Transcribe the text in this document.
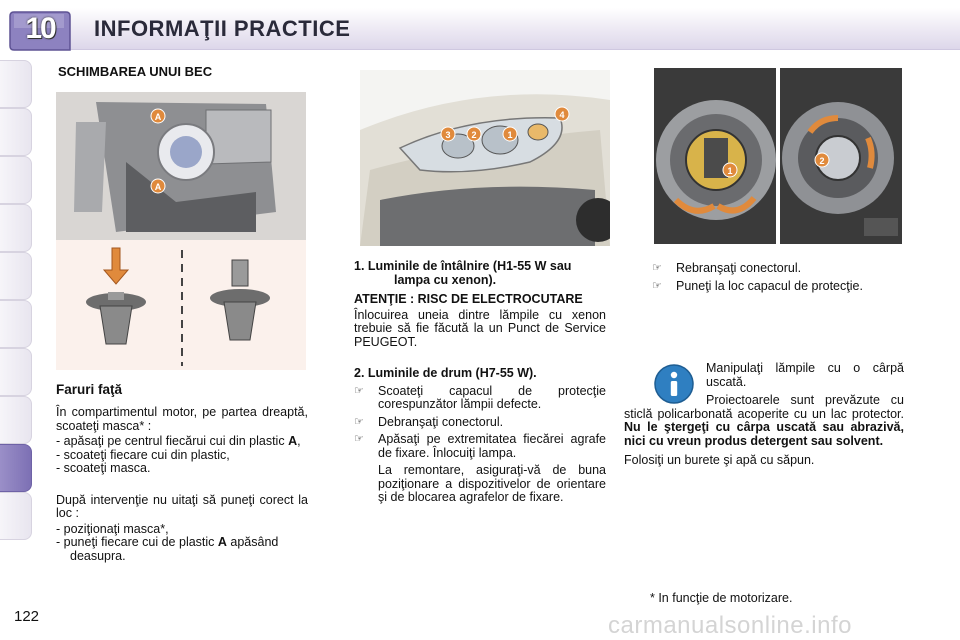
10	INFORMAŢII PRACTICE
SCHIMBAREA UNUI BEC
A
A
Faruri faţă
În compartimentul motor, pe partea dreaptă, scoateţi masca* :
- apăsaţi pe centrul fiecărui cui din plastic A,
- scoateţi fiecare cui din plastic,
- scoateţi masca.
După intervenţie nu uitaţi să puneţi corect la loc :
- poziţionaţi masca*,
- puneţi fiecare cui de plastic A apăsând deasupra.
3 2	1
4
1. Luminile de întâlnire (H1-55 W sau lampa cu xenon).
ATENŢIE : RISC DE ELECTROCUTARE
Înlocuirea uneia dintre lămpile cu xenon trebuie să fie făcută la un Punct de Service PEUGEOT.
2. Luminile de drum (H7-55 W).
☞	Scoateţi capacul de protecţie corespunzător lămpii defecte.
☞	Debranşaţi conectorul.
☞	Apăsaţi pe extremitatea fiecărei agrafe de fixare. Înlocuiţi lampa.
La remontare, asiguraţi-vă de buna poziţionare a dispozitivelor de orientare şi de blocarea agrafelor de fixare.
1
2
☞	Rebranşaţi conectorul.
☞	Puneţi la loc capacul de protecţie.
Manipulaţi lămpile cu o cârpă uscată.
Proiectoarele sunt prevăzute cu sticlă policarbonată acoperite cu un lac protector. Nu le ştergeţi cu cârpa uscată sau abrazivă, nici cu vreun produs detergent sau solvent.
Folosiţi un burete şi apă cu săpun.
* In funcţie de motorizare.
122	carmanualsonline.info
